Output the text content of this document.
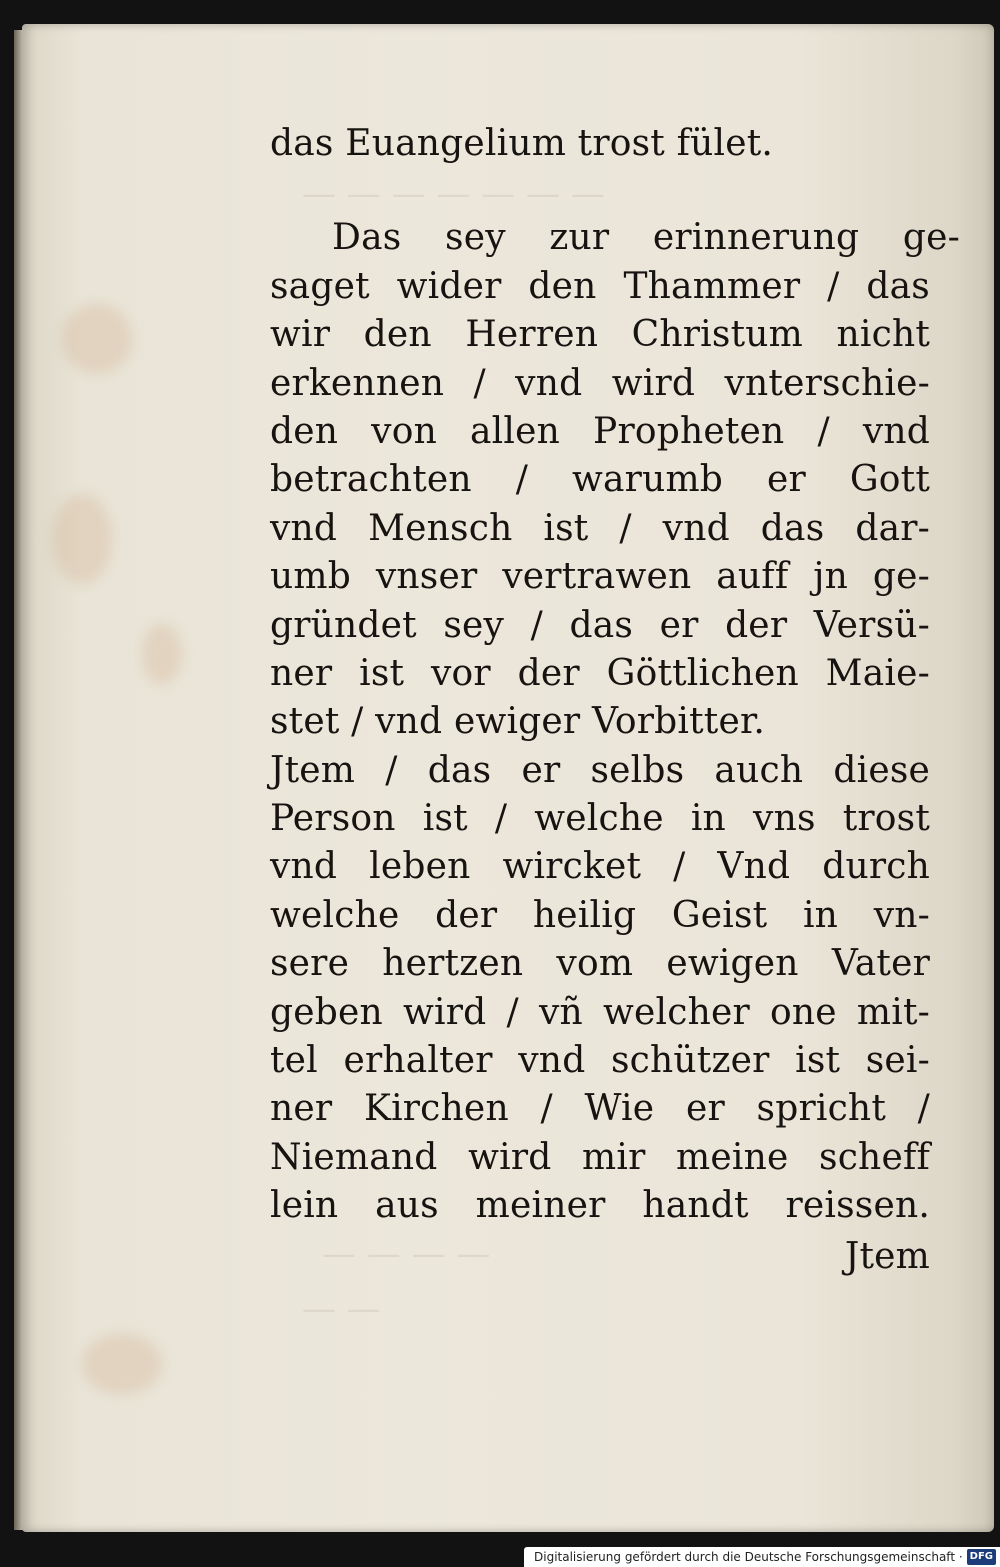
— — — — — — —
— — — —
— —
das Euangelium trost fület.
Das sey zur erinnerung ge-
saget wider den Thammer / das
wir den Herren Christum nicht
erkennen / vnd wird vnterschie-
den von allen Propheten / vnd
betrachten / warumb er Gott
vnd Mensch ist / vnd das dar-
umb vnser vertrawen auff jn ge-
gründet sey / das er der Versü-
ner ist vor der Göttlichen Maie-
stet / vnd ewiger Vorbitter.
Jtem / das er selbs auch diese
Person ist / welche in vns trost
vnd leben wircket / Vnd durch
welche der heilig Geist in vn-
sere hertzen vom ewigen Vater
geben wird / vñ welcher one mit-
tel erhalter vnd schützer ist sei-
ner Kirchen / Wie er spricht /
Niemand wird mir meine scheff
lein aus meiner handt reissen.
Jtem
Digitalisierung gefördert durch die Deutsche Forschungsgemeinschaft · DFG
